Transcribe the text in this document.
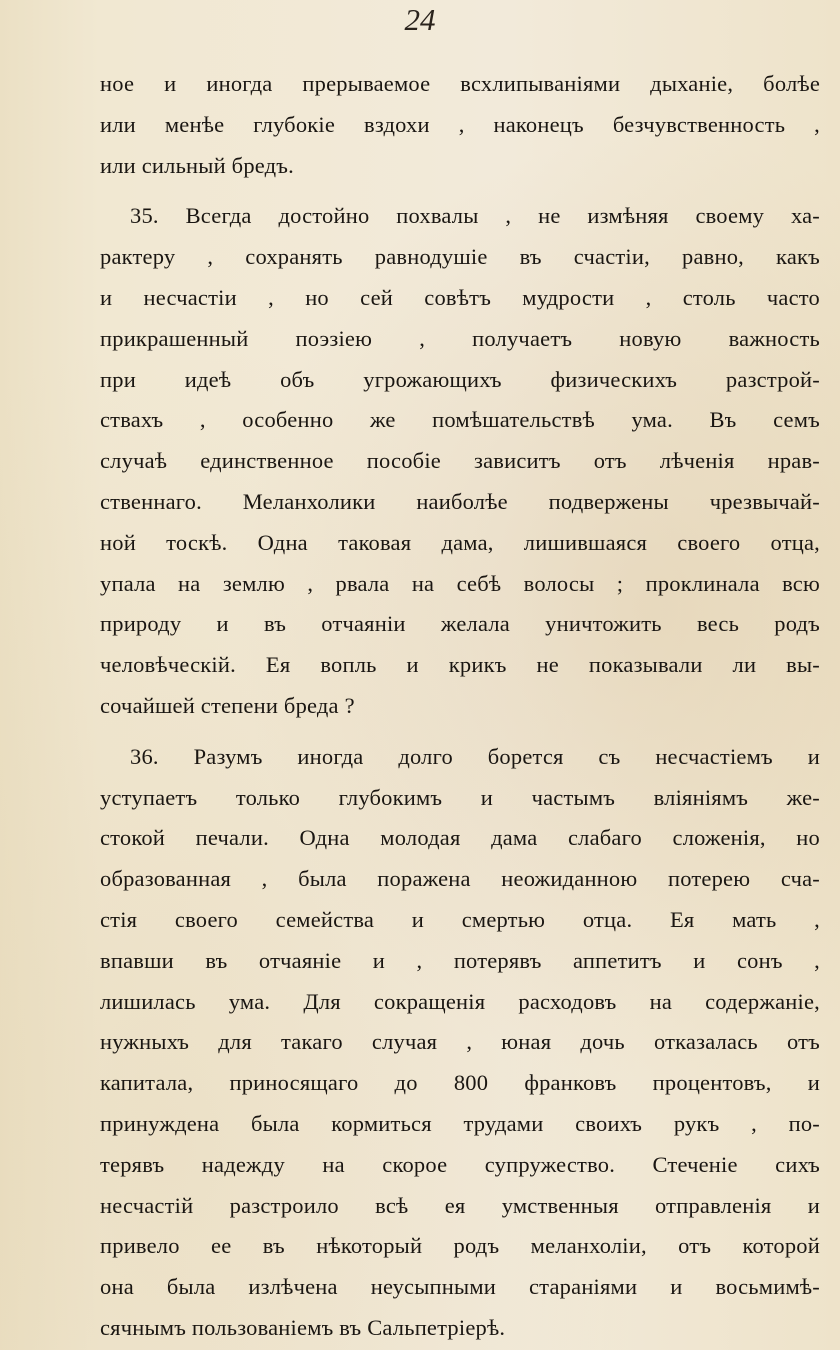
24
ное и иногда прерываемое всхлипываніями дыханіе, болѣе
или менѣе глубокіе вздохи , наконецъ безчувственность ,
или сильный бредъ.
35. Всегда достойно похвалы , не измѣняя своему ха-
рактеру , сохранять равнодушіе въ счастіи, равно, какъ
и несчастіи , но сей совѣтъ мудрости , столь часто
прикрашенный поэзіею , получаетъ новую важность
при идеѣ объ угрожающихъ физическихъ разстрой-
ствахъ , особенно же помѣшательствѣ ума. Въ семъ
случаѣ единственное пособіе зависитъ отъ лѣченія нрав-
ственнаго. Меланхолики наиболѣе подвержены чрезвычай-
ной тоскѣ. Одна таковая дама, лишившаяся своего отца,
упала на землю , рвала на себѣ волосы ; проклинала всю
природу и въ отчаяніи желала уничтожить весь родъ
человѣческій. Ея вопль и крикъ не показывали ли вы-
сочайшей степени бреда ?
36. Разумъ иногда долго борется съ несчастіемъ и
уступаетъ только глубокимъ и частымъ вліяніямъ же-
стокой печали. Одна молодая дама слабаго сложенія, но
образованная , была поражена неожиданною потерею сча-
стія своего семейства и смертью отца. Ея мать ,
впавши въ отчаяніе и , потерявъ аппетитъ и сонъ ,
лишилась ума. Для сокращенія расходовъ на содержаніе,
нужныхъ для такаго случая , юная дочь отказалась отъ
капитала, приносящаго до 800 франковъ процентовъ, и
принуждена была кормиться трудами своихъ рукъ , по-
терявъ надежду на скорое супружество. Стеченіе сихъ
несчастій разстроило всѣ ея умственныя отправленія и
привело ее въ нѣкоторый родъ меланхоліи, отъ которой
она была излѣчена неусыпными стараніями и восьмимѣ-
сячнымъ пользованіемъ въ Сальпетріерѣ.
